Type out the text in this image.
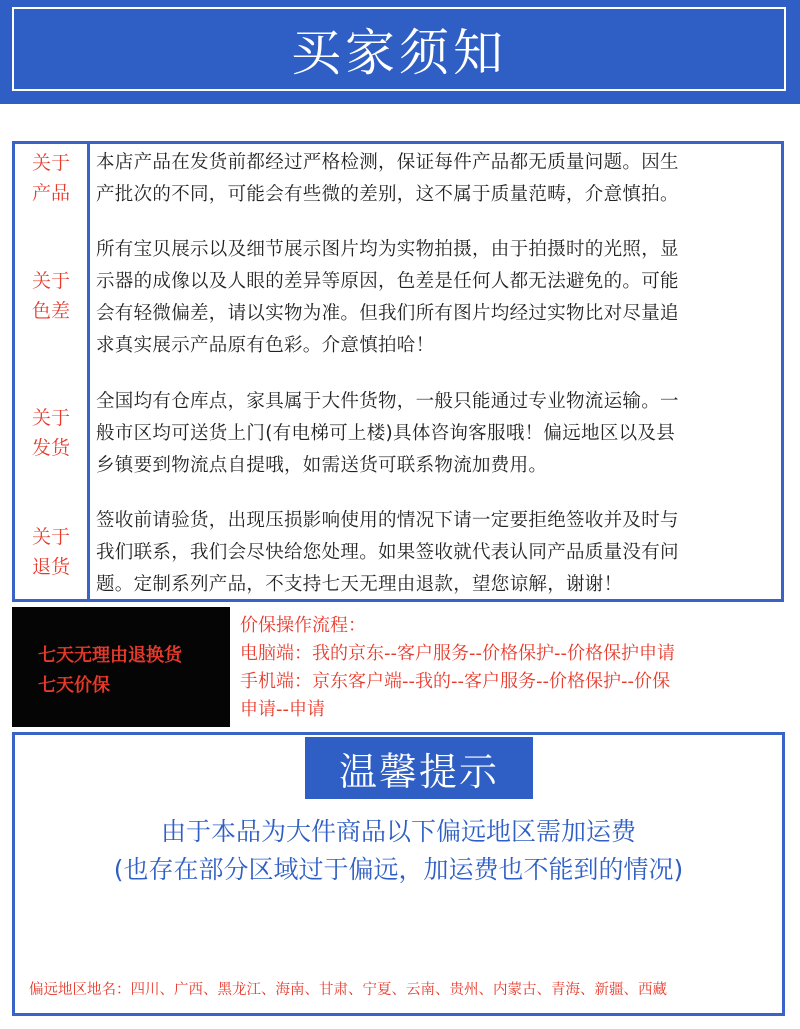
买家须知
关于
产品
关于
色差
关于
发货
关于
退货
本店产品在发货前都经过严格检测，保证每件产品都无质量问题。因生
产批次的不同，可能会有些微的差别，这不属于质量范畴，介意慎拍。
所有宝贝展示以及细节展示图片均为实物拍摄，由于拍摄时的光照，显
示器的成像以及人眼的差异等原因，色差是任何人都无法避免的。可能
会有轻微偏差，请以实物为准。但我们所有图片均经过实物比对尽量追
求真实展示产品原有色彩。介意慎拍哈！
全国均有仓库点，家具属于大件货物，一般只能通过专业物流运输。一
般市区均可送货上门(有电梯可上楼)具体咨询客服哦！偏远地区以及县
乡镇要到物流点自提哦，如需送货可联系物流加费用。
签收前请验货，出现压损影响使用的情况下请一定要拒绝签收并及时与
我们联系，我们会尽快给您处理。如果签收就代表认同产品质量没有问
题。定制系列产品，不支持七天无理由退款，望您谅解，谢谢！
七天无理由退换货
七天价保
价保操作流程：
电脑端：我的京东--客户服务--价格保护--价格保护申请
手机端：京东客户端--我的--客户服务--价格保护--价保
申请--申请
温馨提示
由于本品为大件商品以下偏远地区需加运费
(也存在部分区域过于偏远，加运费也不能到的情况)
偏远地区地名：四川、广西、黑龙江、海南、甘肃、宁夏、云南、贵州、内蒙古、青海、新疆、西藏
